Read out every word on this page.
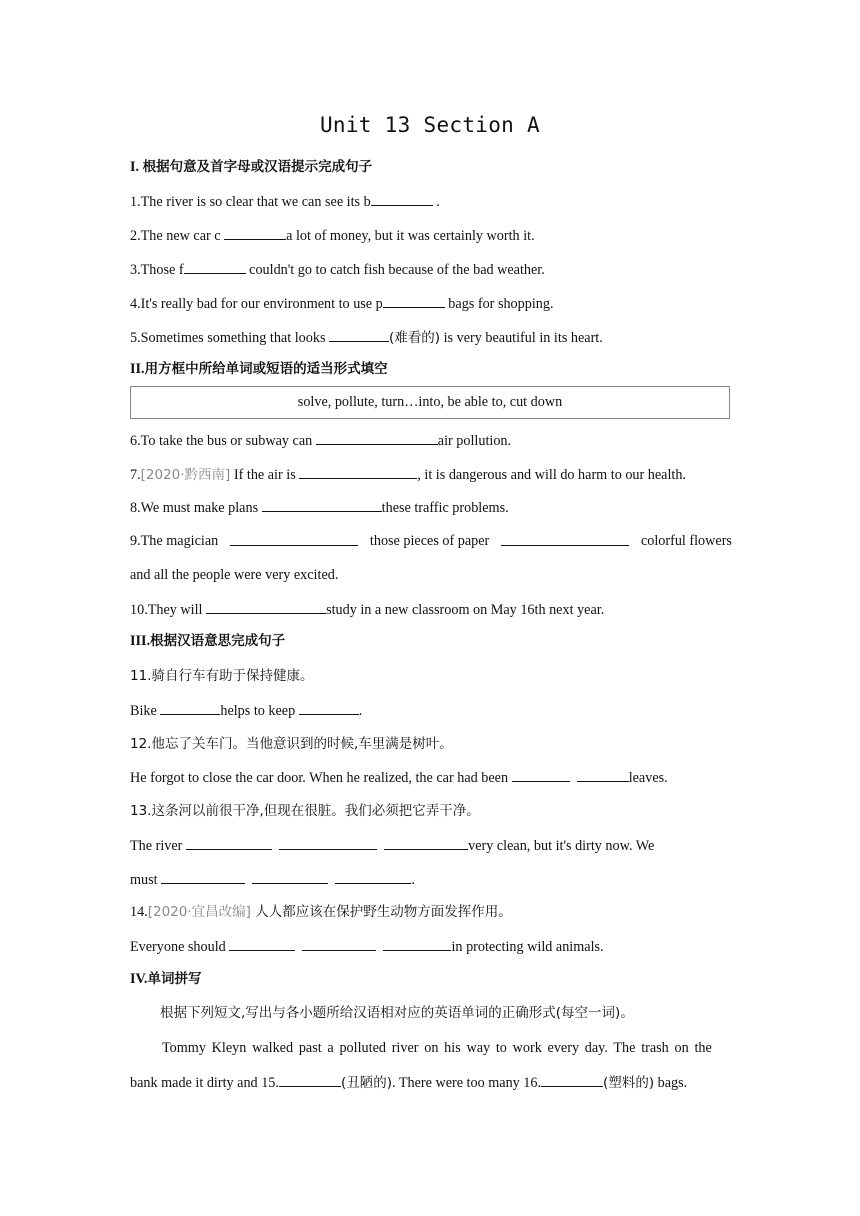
Unit 13 Section A
I. 根据句意及首字母或汉语提示完成句子
1.The river is so clear that we can see its b	.
2.The new car c	a lot of money, but it was certainly worth it.
3.Those f	couldn't go to catch fish because of the bad weather.
4.It's really bad for our environment to use p	bags for shopping.
5.Sometimes something that looks	(难看的) is very beautiful in its heart.
II.用方框中所给单词或短语的适当形式填空
solve, pollute, turn…into, be able to, cut down
6.To take the bus or subway can	air pollution.
7.[2020·黔西南] If the air is	, it is dangerous and will do harm to our health.
8.We must make plans	these traffic problems.
9.The magician	those pieces of paper	colorful flowers
and all the people were very excited.
10.They will	study in a new classroom on May 16th next year.
III.根据汉语意思完成句子
11.骑自行车有助于保持健康。
Bike	helps to keep	.
12.他忘了关车门。当他意识到的时候,车里满是树叶。
He forgot to close the car door. When he realized, the car had been	leaves.
13.这条河以前很干净,但现在很脏。我们必须把它弄干净。
The river	very clean, but it's dirty now. We
must	.
14.[2020·宜昌改编] 人人都应该在保护野生动物方面发挥作用。
Everyone should	in protecting wild animals.
IV.单词拼写
根据下列短文,写出与各小题所给汉语相对应的英语单词的正确形式(每空一词)。
Tommy Kleyn walked past a polluted river on his way to work every day. The trash on the
bank made it dirty and 15.	(丑陋的). There were too many 16.	(塑料的) bags.
